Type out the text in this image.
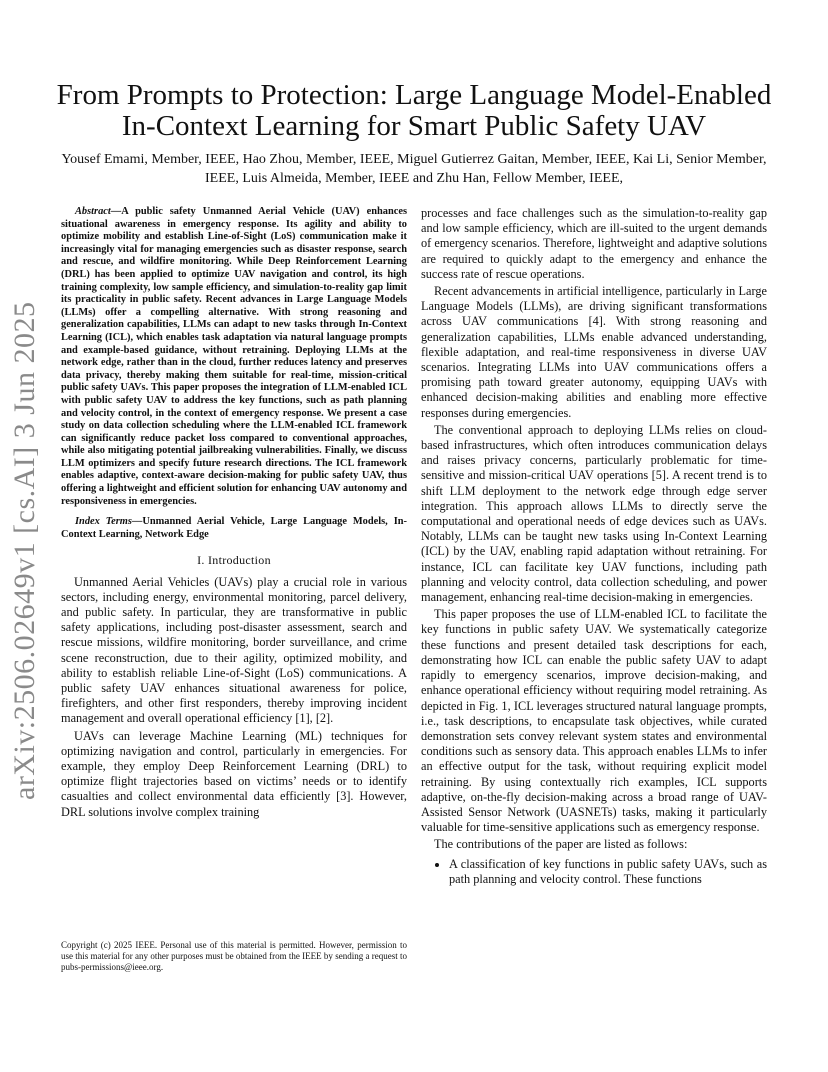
arXiv:2506.02649v1 [cs.AI] 3 Jun 2025
From Prompts to Protection: Large Language Model-Enabled In-Context Learning for Smart Public Safety UAV
Yousef Emami, Member, IEEE, Hao Zhou, Member, IEEE, Miguel Gutierrez Gaitan, Member, IEEE, Kai Li, Senior Member, IEEE, Luis Almeida, Member, IEEE and Zhu Han, Fellow Member, IEEE,

Abstract—A public safety Unmanned Aerial Vehicle (UAV) enhances situational awareness in emergency response. Its agility and ability to optimize mobility and establish Line-of-Sight (LoS) communication make it increasingly vital for managing emergencies such as disaster response, search and rescue, and wildfire monitoring. While Deep Reinforcement Learning (DRL) has been applied to optimize UAV navigation and control, its high training complexity, low sample efficiency, and simulation-to-reality gap limit its practicality in public safety. Recent advances in Large Language Models (LLMs) offer a compelling alternative. With strong reasoning and generalization capabilities, LLMs can adapt to new tasks through In-Context Learning (ICL), which enables task adaptation via natural language prompts and example-based guidance, without retraining. Deploying LLMs at the network edge, rather than in the cloud, further reduces latency and preserves data privacy, thereby making them suitable for real-time, mission-critical public safety UAVs. This paper proposes the integration of LLM-enabled ICL with public safety UAV to address the key functions, such as path planning and velocity control, in the context of emergency response. We present a case study on data collection scheduling where the LLM-enabled ICL framework can significantly reduce packet loss compared to conventional approaches, while also mitigating potential jailbreaking vulnerabilities. Finally, we discuss LLM optimizers and specify future research directions. The ICL framework enables adaptive, context-aware decision-making for public safety UAV, thus offering a lightweight and efficient solution for enhancing UAV autonomy and responsiveness in emergencies.

Index Terms—Unmanned Aerial Vehicle, Large Language Models, In-Context Learning, Network Edge

I. Introduction

Unmanned Aerial Vehicles (UAVs) play a crucial role in various sectors, including energy, environmental monitoring, parcel delivery, and public safety. In particular, they are transformative in public safety applications, including post-disaster assessment, search and rescue missions, wildfire monitoring, border surveillance, and crime scene reconstruction, due to their agility, optimized mobility, and ability to establish reliable Line-of-Sight (LoS) communications. A public safety UAV enhances situational awareness for police, firefighters, and other first responders, thereby improving incident management and overall operational efficiency [1], [2].

UAVs can leverage Machine Learning (ML) techniques for optimizing navigation and control, particularly in emergencies. For example, they employ Deep Reinforcement Learning (DRL) to optimize flight trajectories based on victims’ needs or to identify casualties and collect environmental data efficiently [3]. However, DRL solutions involve complex training

Copyright (c) 2025 IEEE. Personal use of this material is permitted. However, permission to use this material for any other purposes must be obtained from the IEEE by sending a request to pubs-permissions@ieee.org.

processes and face challenges such as the simulation-to-reality gap and low sample efficiency, which are ill-suited to the urgent demands of emergency scenarios. Therefore, lightweight and adaptive solutions are required to quickly adapt to the emergency and enhance the success rate of rescue operations.

Recent advancements in artificial intelligence, particularly in Large Language Models (LLMs), are driving significant transformations across UAV communications [4]. With strong reasoning and generalization capabilities, LLMs enable advanced understanding, flexible adaptation, and real-time responsiveness in diverse UAV scenarios. Integrating LLMs into UAV communications offers a promising path toward greater autonomy, equipping UAVs with enhanced decision-making abilities and enabling more effective responses during emergencies.

The conventional approach to deploying LLMs relies on cloud-based infrastructures, which often introduces communication delays and raises privacy concerns, particularly problematic for time-sensitive and mission-critical UAV operations [5]. A recent trend is to shift LLM deployment to the network edge through edge server integration. This approach allows LLMs to directly serve the computational and operational needs of edge devices such as UAVs. Notably, LLMs can be taught new tasks using In-Context Learning (ICL) by the UAV, enabling rapid adaptation without retraining. For instance, ICL can facilitate key UAV functions, including path planning and velocity control, data collection scheduling, and power management, enhancing real-time decision-making in emergencies.

This paper proposes the use of LLM-enabled ICL to facilitate the key functions in public safety UAV. We systematically categorize these functions and present detailed task descriptions for each, demonstrating how ICL can enable the public safety UAV to adapt rapidly to emergency scenarios, improve decision-making, and enhance operational efficiency without requiring model retraining. As depicted in Fig. 1, ICL leverages structured natural language prompts, i.e., task descriptions, to encapsulate task objectives, while curated demonstration sets convey relevant system states and environmental conditions such as sensory data. This approach enables LLMs to infer an effective output for the task, without requiring explicit model retraining. By using contextually rich examples, ICL supports adaptive, on-the-fly decision-making across a broad range of UAV-Assisted Sensor Network (UASNETs) tasks, making it particularly valuable for time-sensitive applications such as emergency response.

The contributions of the paper are listed as follows:

• A classification of key functions in public safety UAVs, such as path planning and velocity control. These functions
